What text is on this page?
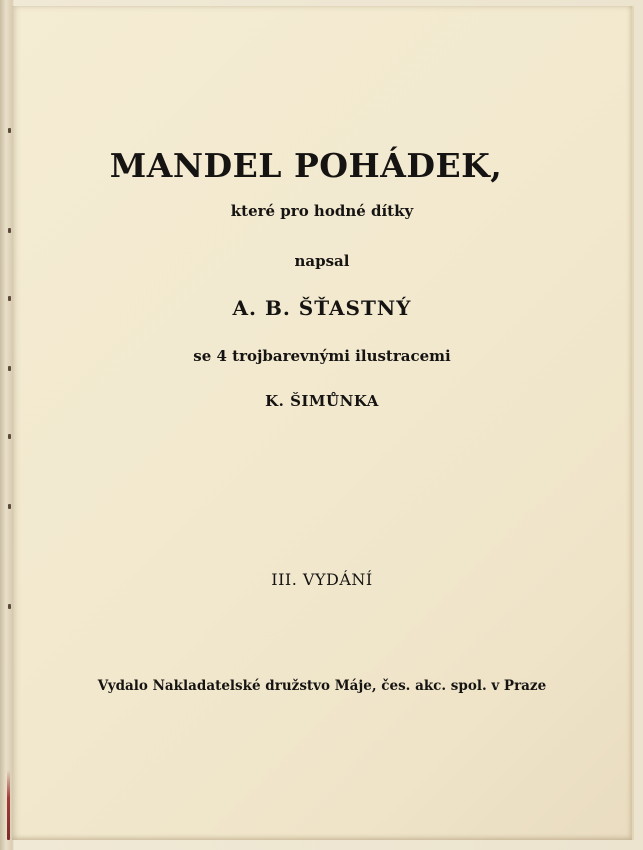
MANDEL POHÁDEK,
které pro hodné dítky
napsal
A. B. ŠŤASTNÝ
se 4 trojbarevnými ilustracemi
K. ŠIMŮNKA
III. VYDÁNÍ
Vydalo Nakladatelské družstvo Máje, čes. akc. spol. v Praze
